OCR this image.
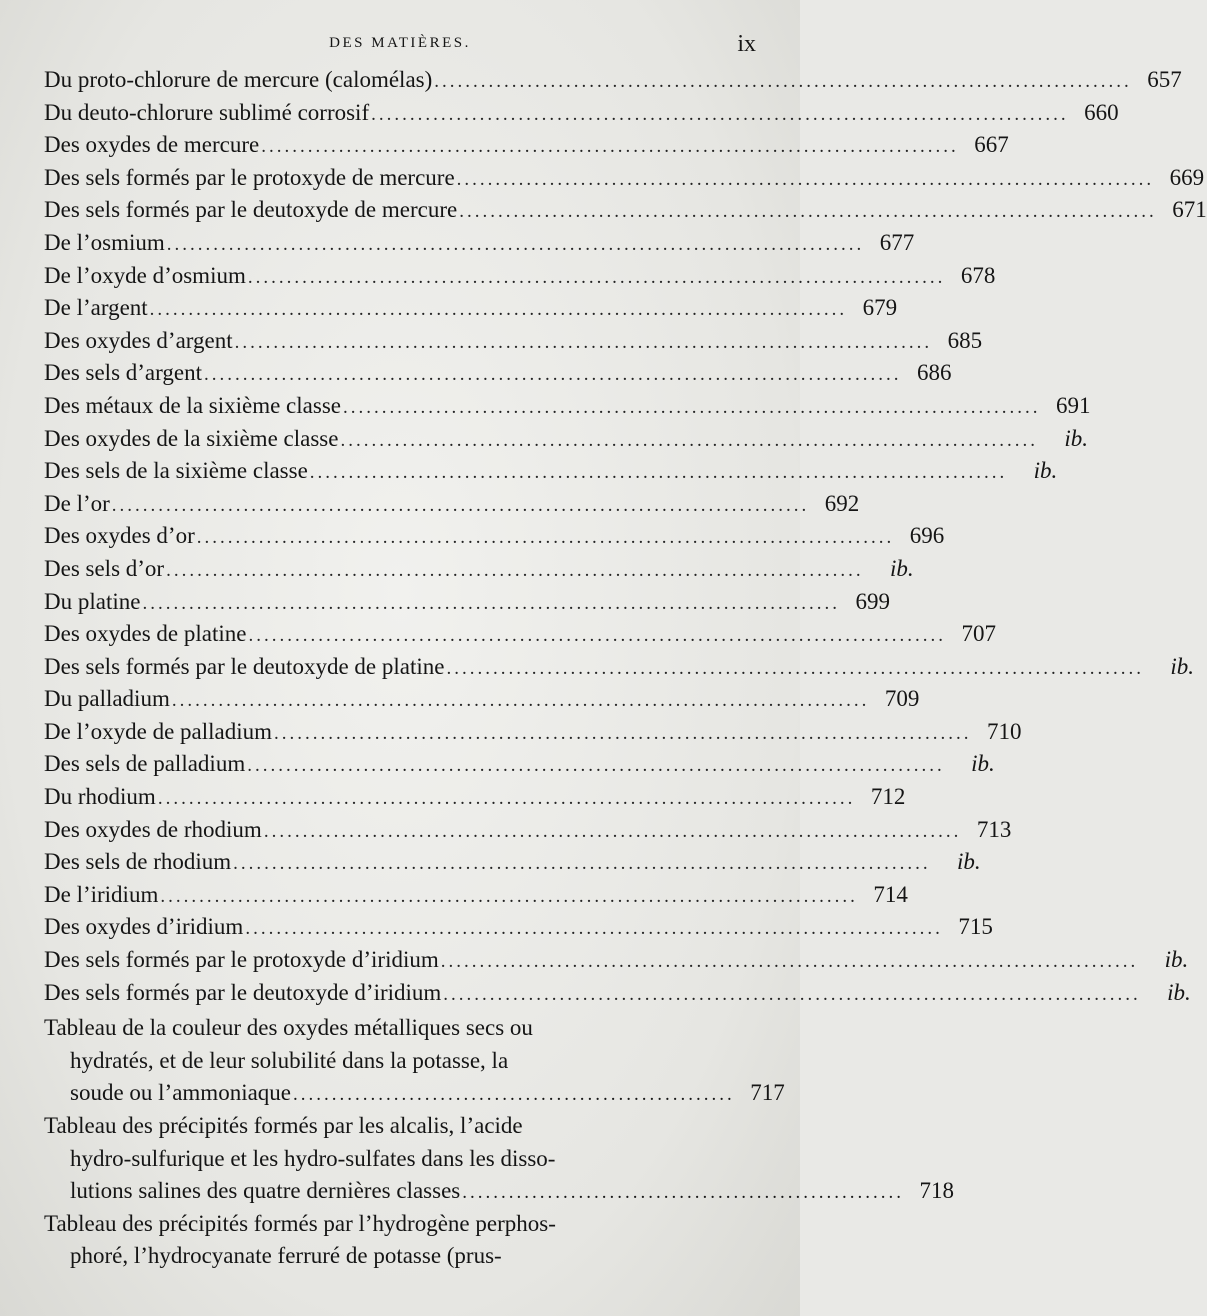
DES MATIÈRES.	ix
Du proto-chlorure de mercure (calomélas) .......................................................................................... 657
Du deuto-chlorure sublimé corrosif .......................................................................................... 660
Des oxydes de mercure .......................................................................................... 667
Des sels formés par le protoxyde de mercure .......................................................................................... 669
Des sels formés par le deutoxyde de mercure .......................................................................................... 671
De l’osmium .......................................................................................... 677
De l’oxyde d’osmium .......................................................................................... 678
De l’argent .......................................................................................... 679
Des oxydes d’argent .......................................................................................... 685
Des sels d’argent .......................................................................................... 686
Des métaux de la sixième classe .......................................................................................... 691
Des oxydes de la sixième classe ..........................................................................................	ib.
Des sels de la sixième classe ..........................................................................................	ib.
De l’or .......................................................................................... 692
Des oxydes d’or .......................................................................................... 696
Des sels d’or ..........................................................................................	ib.
Du platine .......................................................................................... 699
Des oxydes de platine .......................................................................................... 707
Des sels formés par le deutoxyde de platine ..........................................................................................	ib.
Du palladium .......................................................................................... 709
De l’oxyde de palladium .......................................................................................... 710
Des sels de palladium ..........................................................................................	ib.
Du rhodium .......................................................................................... 712
Des oxydes de rhodium .......................................................................................... 713
Des sels de rhodium ..........................................................................................	ib.
De l’iridium .......................................................................................... 714
Des oxydes d’iridium .......................................................................................... 715
Des sels formés par le protoxyde d’iridium ..........................................................................................	ib.
Des sels formés par le deutoxyde d’iridium ..........................................................................................	ib.
Tableau de la couleur des oxydes métalliques secs ou
hydratés, et de leur solubilité dans la potasse, la
soude ou l’ammoniaque ......................................................... 717
Tableau des précipités formés par les alcalis, l’acide
hydro-sulfurique et les hydro-sulfates dans les disso-
lutions salines des quatre dernières classes ......................................................... 718
Tableau des précipités formés par l’hydrogène perphos-
phoré, l’hydrocyanate ferruré de potasse (prus-
